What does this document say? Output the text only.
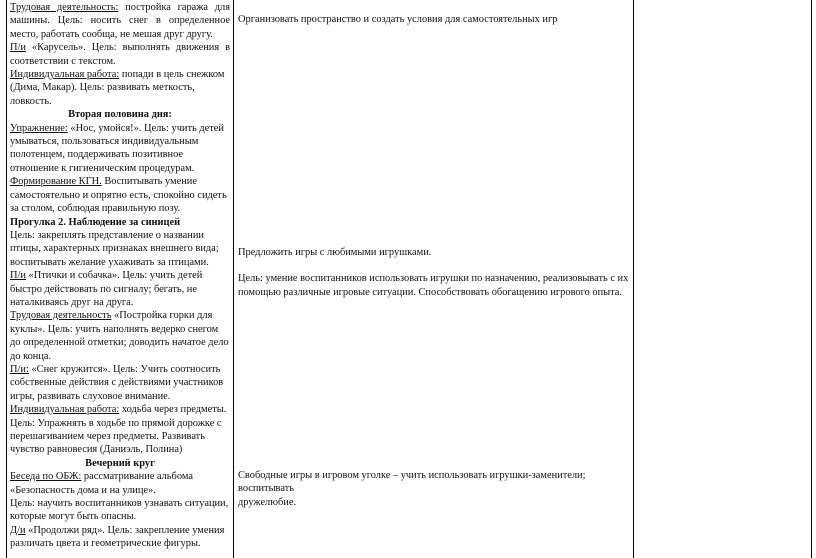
Трудовая деятельность: постройка гаража для машины. Цель: носить снег в определенное место, работать сообща, не мешая друг другу.

П/и «Карусель». Цель: выполнять движения в соответствии с текстом.

Индивидуальная работа: попади в цель снежком (Дима, Макар). Цель: развивать меткость, ловкость.

Вторая половина дня:

Упражнение: «Нос, умойся!». Цель: учить детей умываться, пользоваться индивидуальным полотенцем, поддерживать позитивное отношение к гигиеническим процедурам.

Формирование КГН. Воспитывать умение самостоятельно и опрятно есть, спокойно сидеть за столом, соблюдая правильную позу.

Прогулка 2. Наблюдение за синицей

Цель: закреплять представление о названии птицы, характерных признаках внешнего вида; воспитывать желание ухаживать за птицами.

П/и «Птички и собачка». Цель: учить детей быстро действовать по сигналу; бегать, не наталкиваясь друг на друга.

Трудовая деятельность «Постройка горки для куклы». Цель: учить наполнять ведерко снегом до определенной отметки; доводить начатое дело до конца.

П/и: «Снег кружится». Цель: Учить соотносить собственные действия с действиями участников игры, развивать слуховое внимание.

Индивидуальная работа: ходьба через предметы. Цель: Упражнять в ходьбе по прямой дорожке с перешагиванием через предметы. Развивать чувство равновесия (Даниэль, Полина)

Вечерний круг

Беседа по ОБЖ: рассматривание альбома «Безопасность дома и на улице».

Цель: научить воспитанников узнавать ситуации, которые могут быть опасны.

Д/и «Продолжи ряд». Цель: закрепление умения различать цвета и геометрические фигуры.

Организовать пространство и создать условия для самостоятельных игр

Предложить игры с любимыми игрушками.

Цель: умение воспитанников использовать игрушки по назначению, реализовывать с их помощью различные игровые ситуации. Способствовать обогащению игрового опыта.

Свободные игры в игровом уголке – учить использовать игрушки-заменители; воспитывать

дружелюбие.
